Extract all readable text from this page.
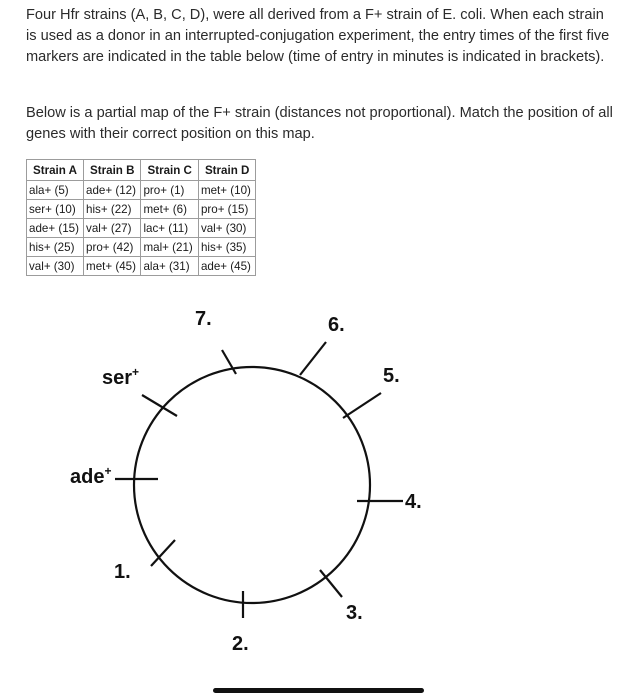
Four Hfr strains (A, B, C, D), were all derived from a F+ strain of E. coli. When each strain is used as a donor in an interrupted-conjugation experiment, the entry times of the first five markers are indicated in the table below (time of entry in minutes is indicated in brackets).

Below is a partial map of the F+ strain (distances not proportional). Match the position of all genes with their correct position on this map.

Strain A	Strain B	Strain C	Strain D
ala+ (5)	ade+ (12)	pro+ (1)	met+ (10)
ser+ (10)	his+ (22)	met+ (6)	pro+ (15)
ade+ (15)	val+ (27)	lac+ (11)	val+ (30)
his+ (25)	pro+ (42)	mal+ (21)	his+ (35)
val+ (30)	met+ (45)	ala+ (31)	ade+ (45)
7.	6.
5.
4.
3.
2.
1.
ser+
ade+
